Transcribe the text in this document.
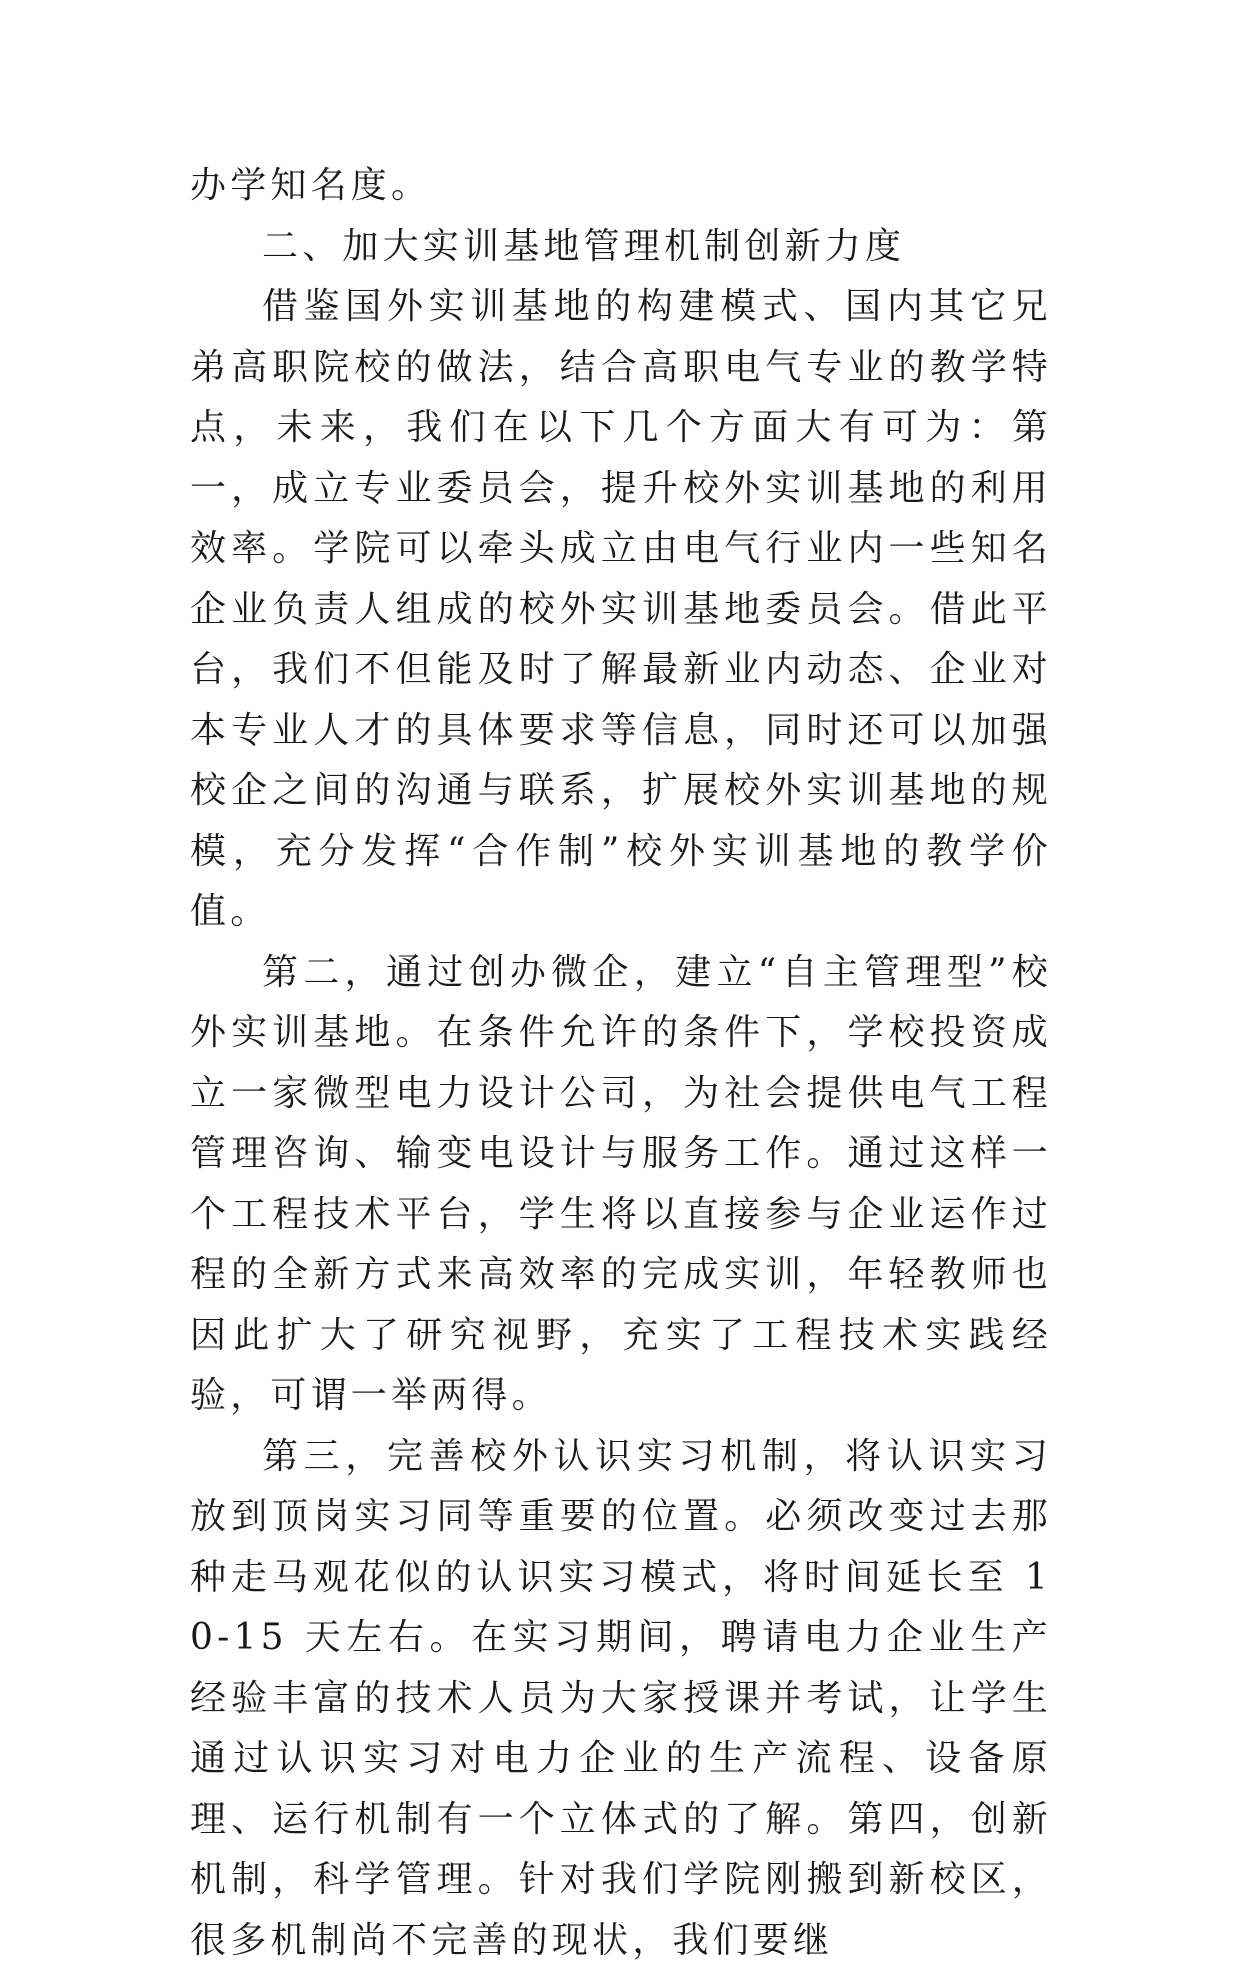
办学知名度。

二、加大实训基地管理机制创新力度

借鉴国外实训基地的构建模式、国内其它兄弟高职院校的做法，结合高职电气专业的教学特点，未来，我们在以下几个方面大有可为：第一，成立专业委员会，提升校外实训基地的利用效率。学院可以牵头成立由电气行业内一些知名企业负责人组成的校外实训基地委员会。借此平台，我们不但能及时了解最新业内动态、企业对本专业人才的具体要求等信息，同时还可以加强校企之间的沟通与联系，扩展校外实训基地的规模，充分发挥“合作制”校外实训基地的教学价值。

第二，通过创办微企，建立“自主管理型”校外实训基地。在条件允许的条件下，学校投资成立一家微型电力设计公司，为社会提供电气工程管理咨询、输变电设计与服务工作。通过这样一个工程技术平台，学生将以直接参与企业运作过程的全新方式来高效率的完成实训，年轻教师也因此扩大了研究视野，充实了工程技术实践经验，可谓一举两得。

第三，完善校外认识实习机制，将认识实习放到顶岗实习同等重要的位置。必须改变过去那种走马观花似的认识实习模式，将时间延长至 10-15 天左右。在实习期间，聘请电力企业生产经验丰富的技术人员为大家授课并考试，让学生通过认识实习对电力企业的生产流程、设备原理、运行机制有一个立体式的了解。第四，创新机制，科学管理。针对我们学院刚搬到新校区，很多机制尚不完善的现状，我们要继
